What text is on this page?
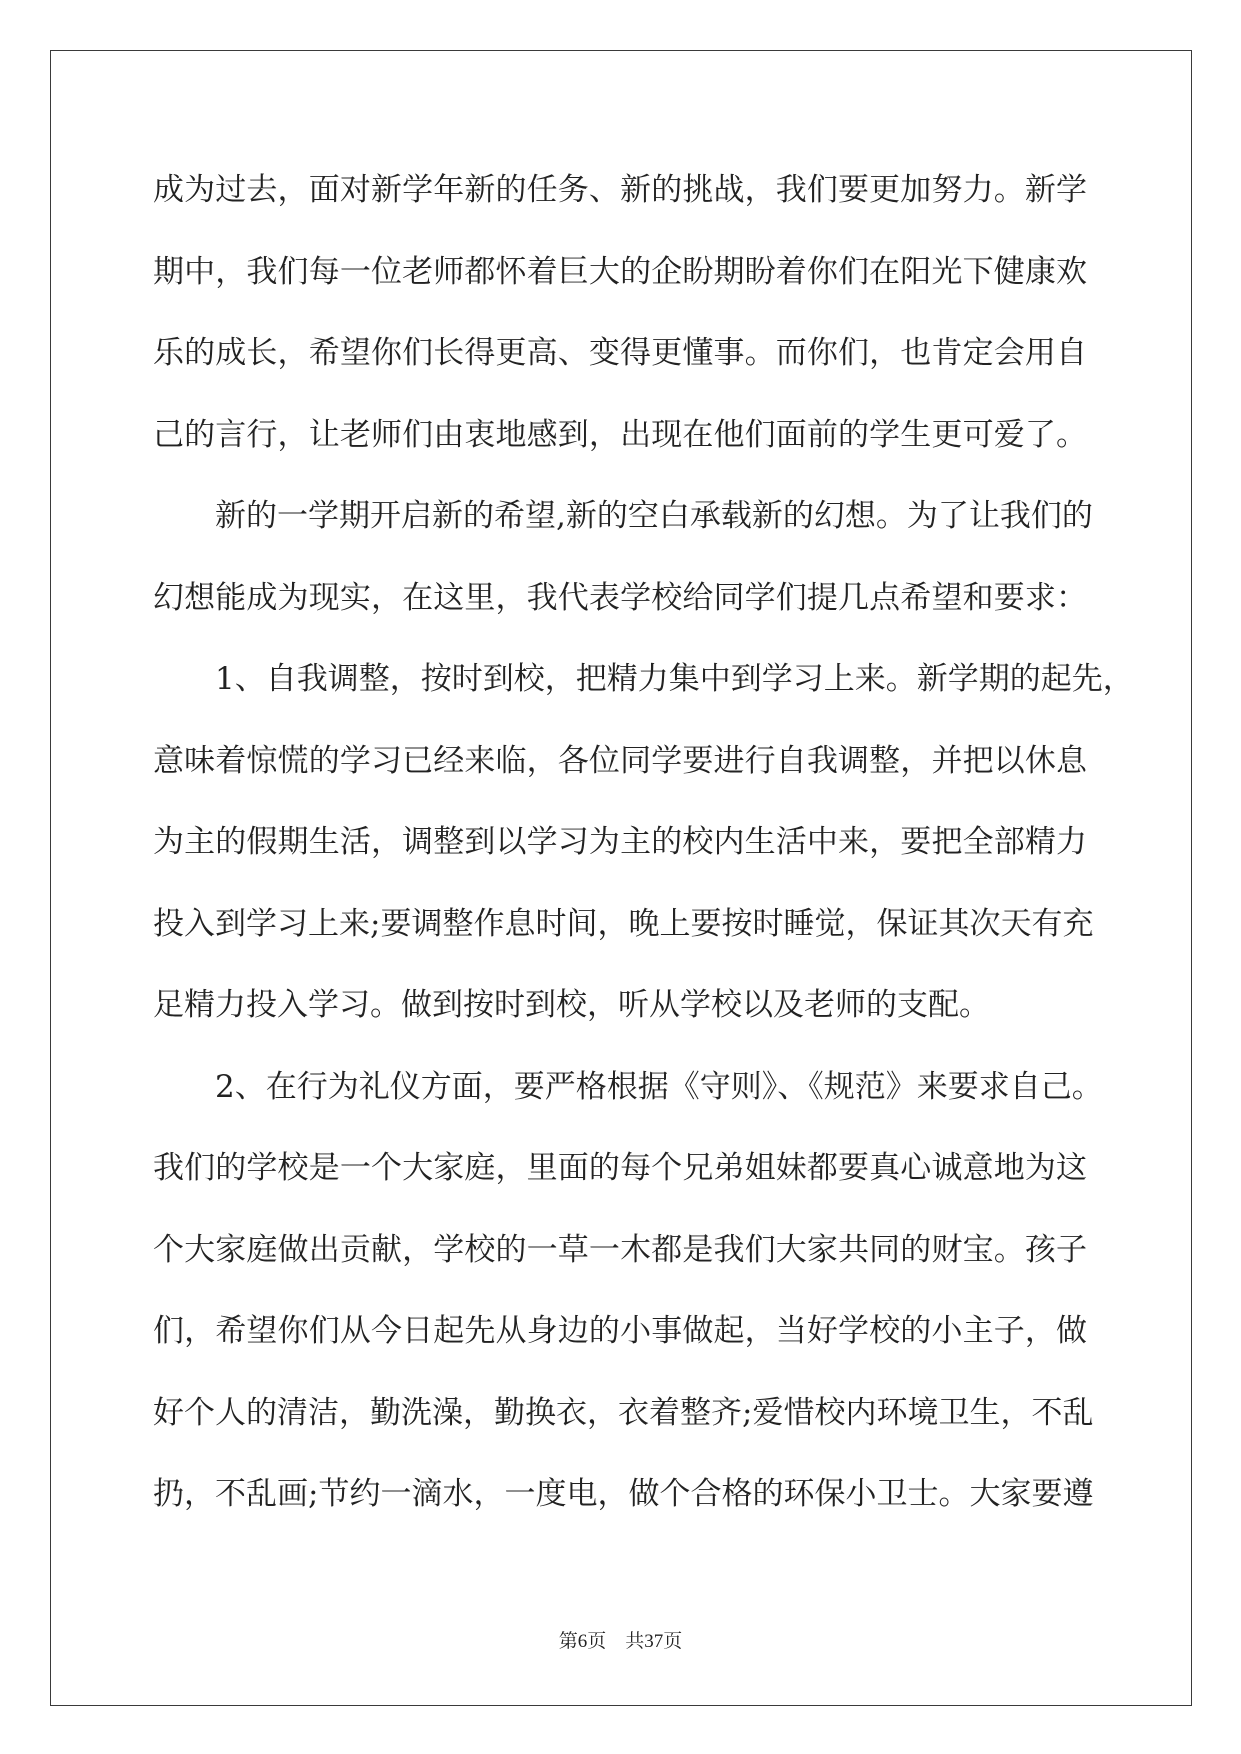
成为过去，面对新学年新的任务、新的挑战，我们要更加努力。新学
期中，我们每一位老师都怀着巨大的企盼期盼着你们在阳光下健康欢
乐的成长，希望你们长得更高、变得更懂事。而你们，也肯定会用自
己的言行，让老师们由衷地感到，出现在他们面前的学生更可爱了。
新的一学期开启新的希望,新的空白承载新的幻想。为了让我们的
幻想能成为现实，在这里，我代表学校给同学们提几点希望和要求：
1、自我调整，按时到校，把精力集中到学习上来。新学期的起先，
意味着惊慌的学习已经来临，各位同学要进行自我调整，并把以休息
为主的假期生活，调整到以学习为主的校内生活中来，要把全部精力
投入到学习上来;要调整作息时间，晚上要按时睡觉，保证其次天有充
足精力投入学习。做到按时到校，听从学校以及老师的支配。
2、在行为礼仪方面，要严格根据《守则》、《规范》来要求自己。
我们的学校是一个大家庭，里面的每个兄弟姐妹都要真心诚意地为这
个大家庭做出贡献，学校的一草一木都是我们大家共同的财宝。孩子
们，希望你们从今日起先从身边的小事做起，当好学校的小主子，做
好个人的清洁，勤洗澡，勤换衣，衣着整齐;爱惜校内环境卫生，不乱
扔，不乱画;节约一滴水，一度电，做个合格的环保小卫士。大家要遵
第6页　共37页
